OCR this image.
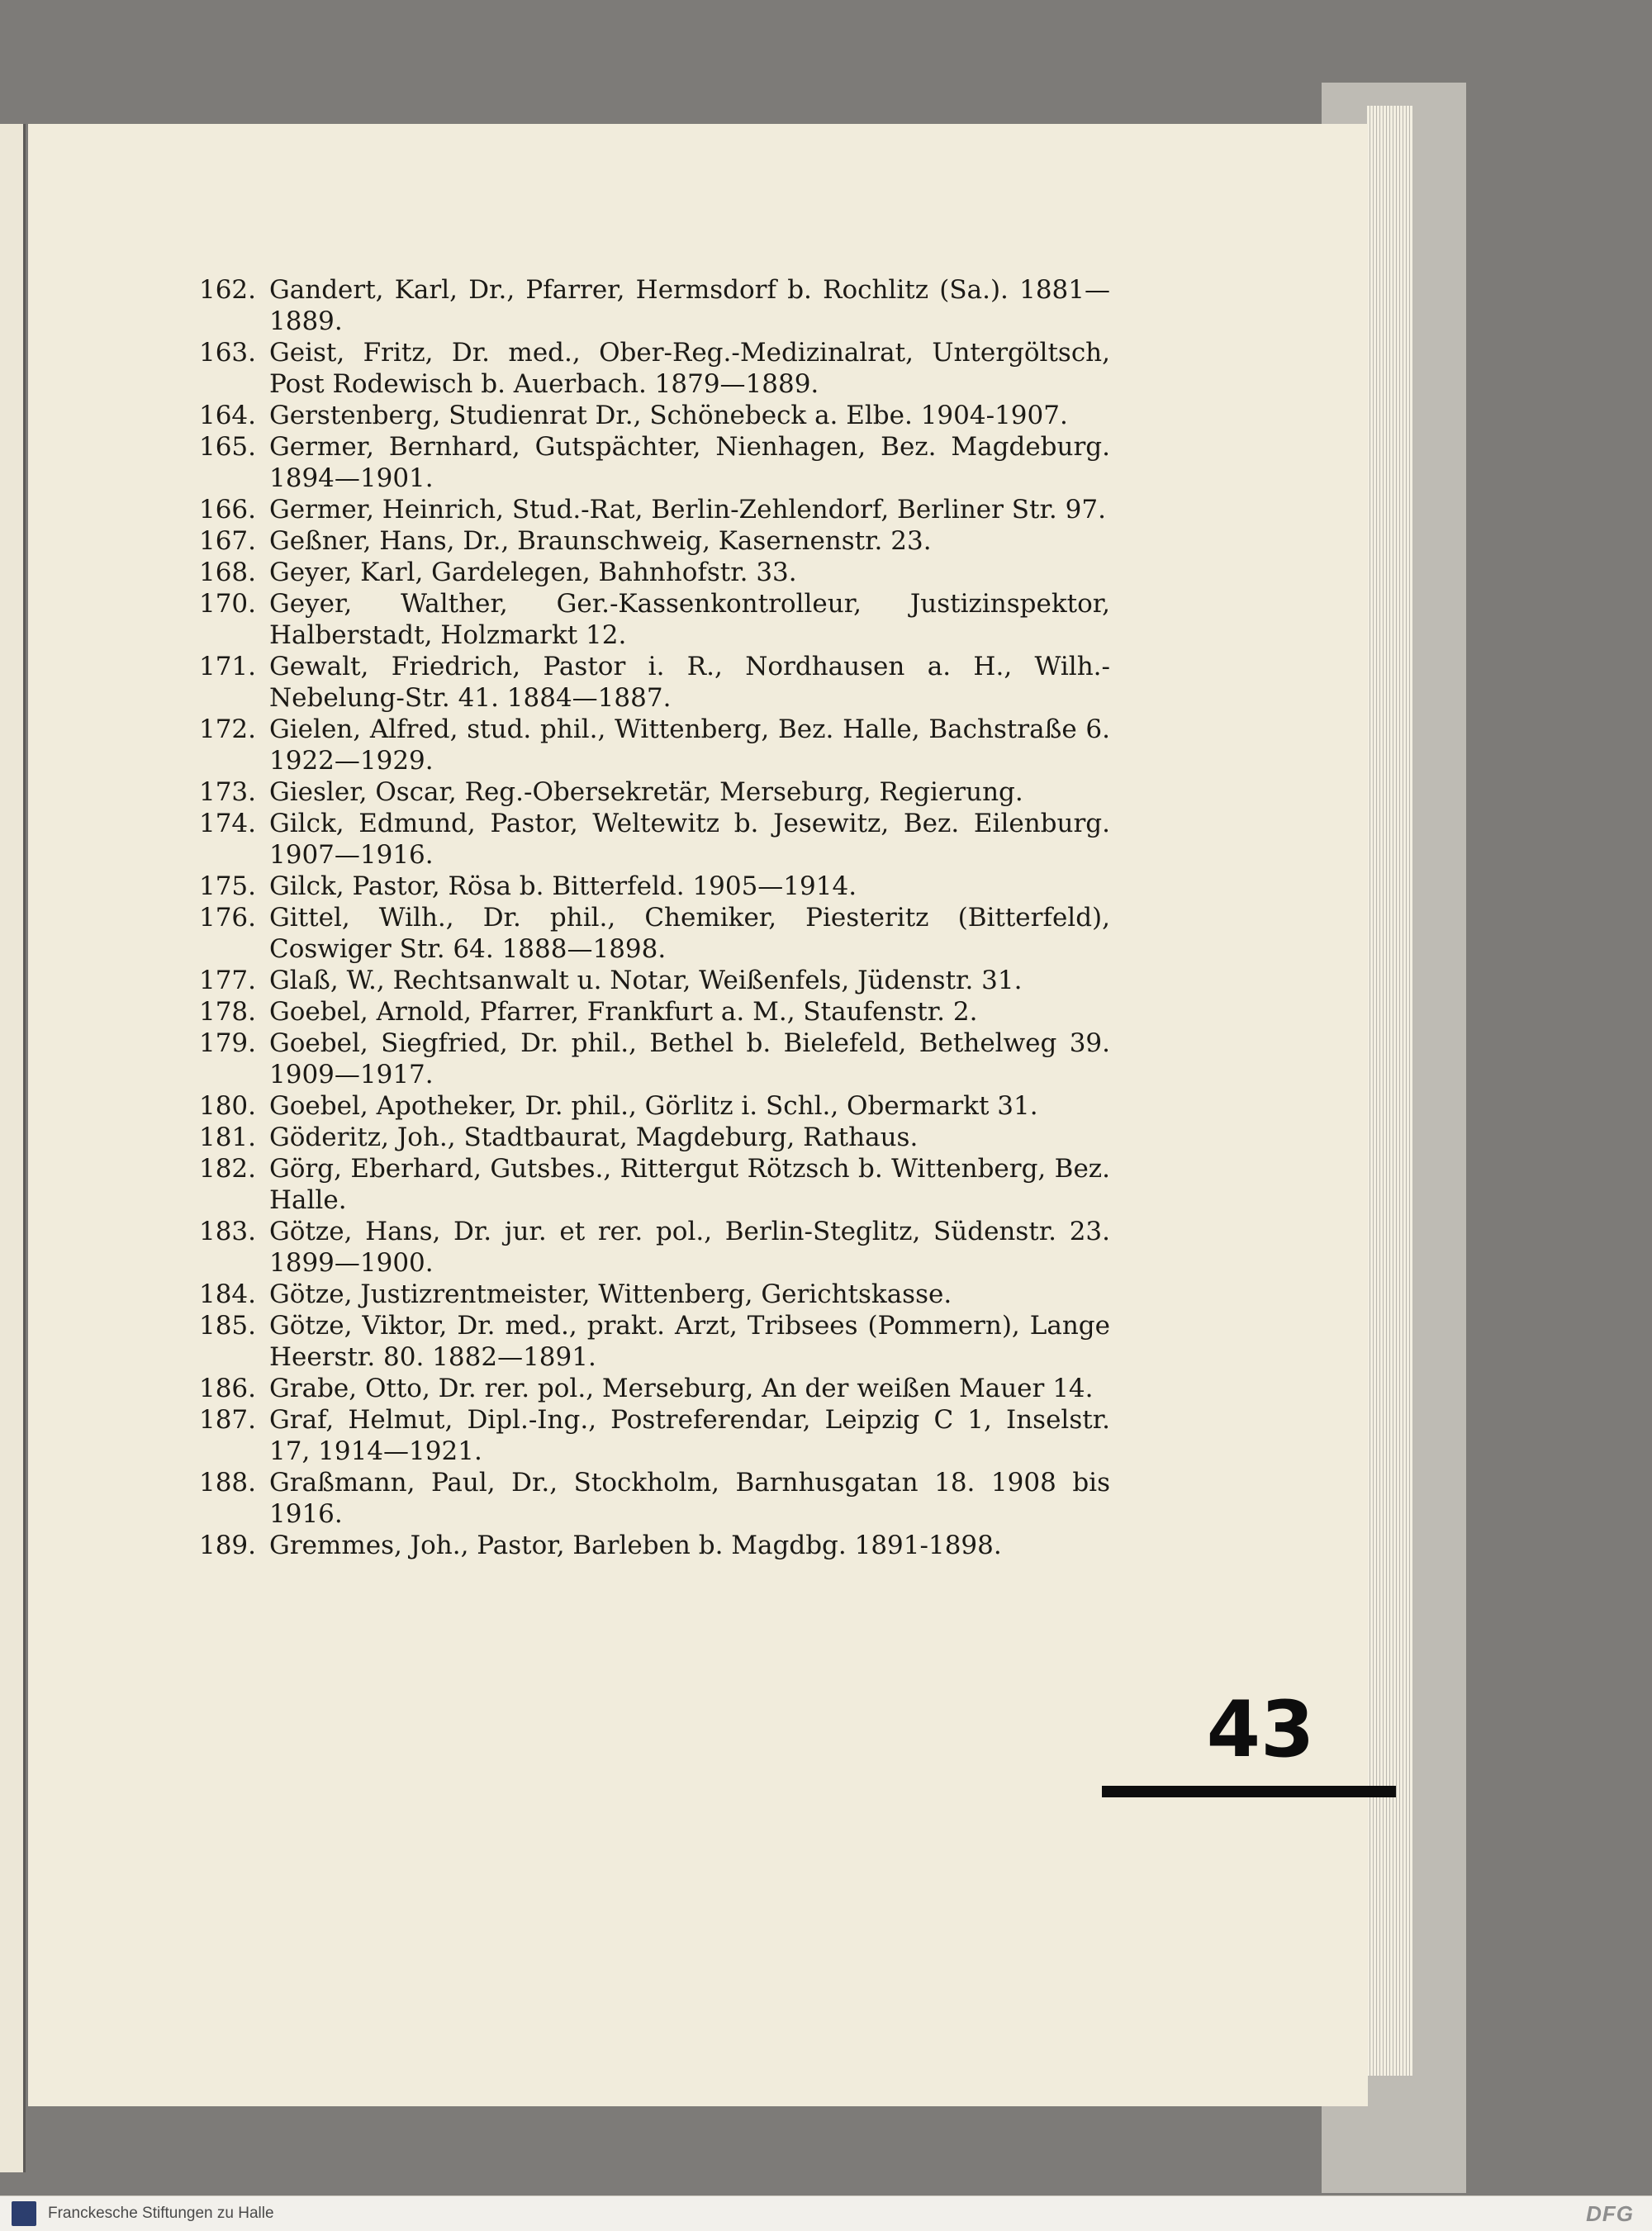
162. Gandert, Karl, Dr., Pfarrer, Hermsdorf b. Rochlitz (Sa.). 1881—1889.
163. Geist, Fritz, Dr. med., Ober-Reg.-Medizinalrat, Untergöltsch, Post Rodewisch b. Auerbach. 1879—1889.
164. Gerstenberg, Studienrat Dr., Schönebeck a. Elbe. 1904-1907.
165. Germer, Bernhard, Gutspächter, Nienhagen, Bez. Magdeburg. 1894—1901.
166. Germer, Heinrich, Stud.-Rat, Berlin-Zehlendorf, Berliner Str. 97.
167. Geßner, Hans, Dr., Braunschweig, Kasernenstr. 23.
168. Geyer, Karl, Gardelegen, Bahnhofstr. 33.
170. Geyer, Walther, Ger.-Kassenkontrolleur, Justizinspektor, Halberstadt, Holzmarkt 12.
171. Gewalt, Friedrich, Pastor i. R., Nordhausen a. H., Wilh.-Nebelung-Str. 41. 1884—1887.
172. Gielen, Alfred, stud. phil., Wittenberg, Bez. Halle, Bachstraße 6. 1922—1929.
173. Giesler, Oscar, Reg.-Obersekretär, Merseburg, Regierung.
174. Gilck, Edmund, Pastor, Weltewitz b. Jesewitz, Bez. Eilenburg. 1907—1916.
175. Gilck, Pastor, Rösa b. Bitterfeld. 1905—1914.
176. Gittel, Wilh., Dr. phil., Chemiker, Piesteritz (Bitterfeld), Coswiger Str. 64. 1888—1898.
177. Glaß, W., Rechtsanwalt u. Notar, Weißenfels, Jüdenstr. 31.
178. Goebel, Arnold, Pfarrer, Frankfurt a. M., Staufenstr. 2.
179. Goebel, Siegfried, Dr. phil., Bethel b. Bielefeld, Bethelweg 39. 1909—1917.
180. Goebel, Apotheker, Dr. phil., Görlitz i. Schl., Obermarkt 31.
181. Göderitz, Joh., Stadtbaurat, Magdeburg, Rathaus.
182. Görg, Eberhard, Gutsbes., Rittergut Rötzsch b. Wittenberg, Bez. Halle.
183. Götze, Hans, Dr. jur. et rer. pol., Berlin-Steglitz, Südenstr. 23. 1899—1900.
184. Götze, Justizrentmeister, Wittenberg, Gerichtskasse.
185. Götze, Viktor, Dr. med., prakt. Arzt, Tribsees (Pommern), Lange Heerstr. 80. 1882—1891.
186. Grabe, Otto, Dr. rer. pol., Merseburg, An der weißen Mauer 14.
187. Graf, Helmut, Dipl.-Ing., Postreferendar, Leipzig C 1, Inselstr. 17, 1914—1921.
188. Graßmann, Paul, Dr., Stockholm, Barnhusgatan 18. 1908 bis 1916.
189. Gremmes, Joh., Pastor, Barleben b. Magdbg. 1891-1898.
43
Franckesche Stiftungen zu Halle	DFG
